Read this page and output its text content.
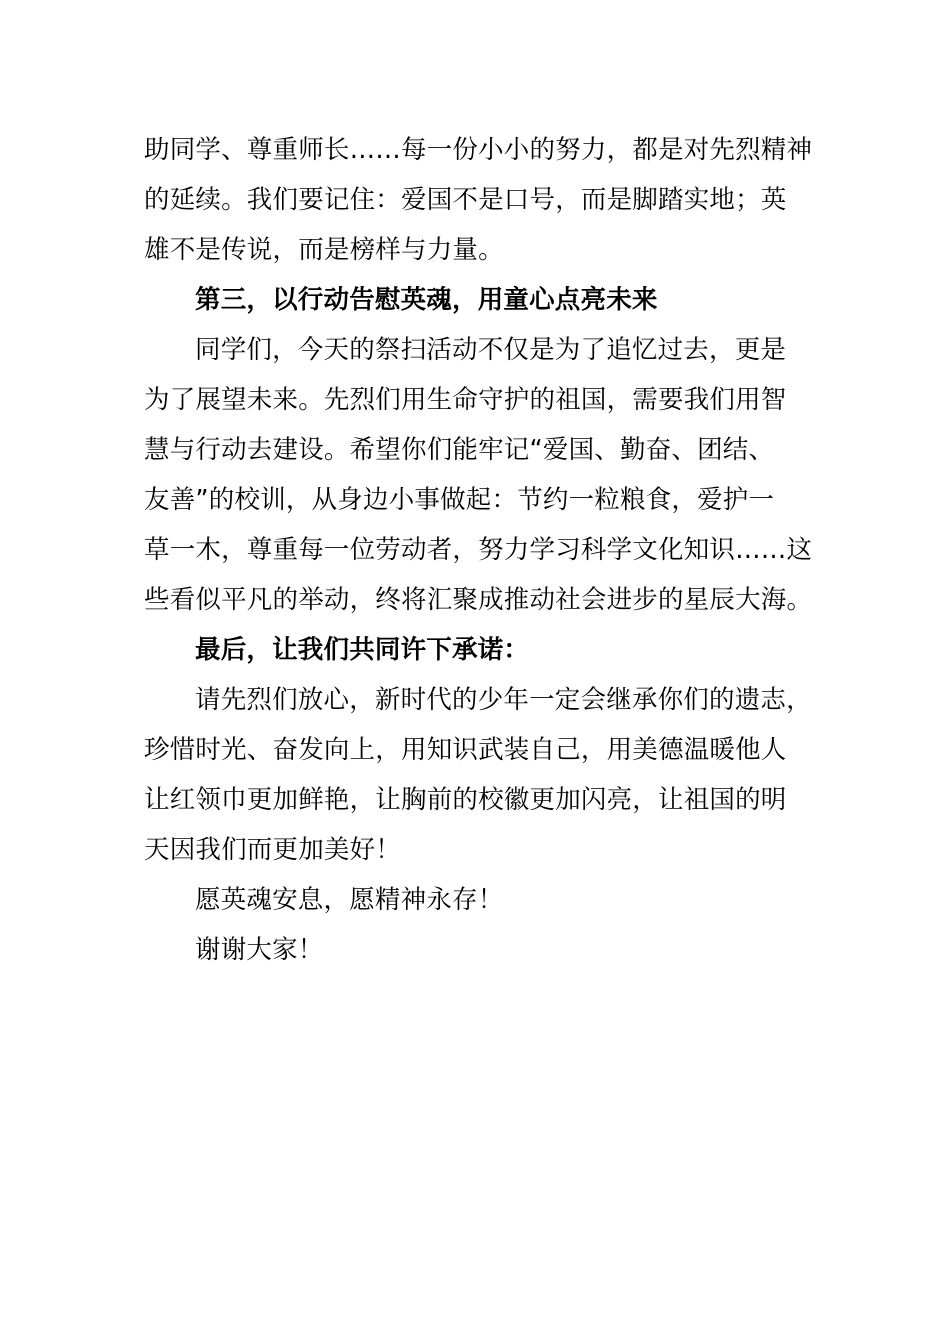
助同学、尊重师长……每一份小小的努力，都是对先烈精神
的延续。我们要记住：爱国不是口号，而是脚踏实地；英
雄不是传说，而是榜样与力量。
第三，以行动告慰英魂，用童心点亮未来
同学们，今天的祭扫活动不仅是为了追忆过去，更是
为了展望未来。先烈们用生命守护的祖国，需要我们用智
慧与行动去建设。希望你们能牢记“爱国、勤奋、团结、
友善”的校训，从身边小事做起：节约一粒粮食，爱护一
草一木，尊重每一位劳动者，努力学习科学文化知识……这
些看似平凡的举动，终将汇聚成推动社会进步的星辰大海。
最后，让我们共同许下承诺：
请先烈们放心，新时代的少年一定会继承你们的遗志，
珍惜时光、奋发向上，用知识武装自己，用美德温暖他人
让红领巾更加鲜艳，让胸前的校徽更加闪亮，让祖国的明
天因我们而更加美好！
愿英魂安息，愿精神永存！
谢谢大家！
